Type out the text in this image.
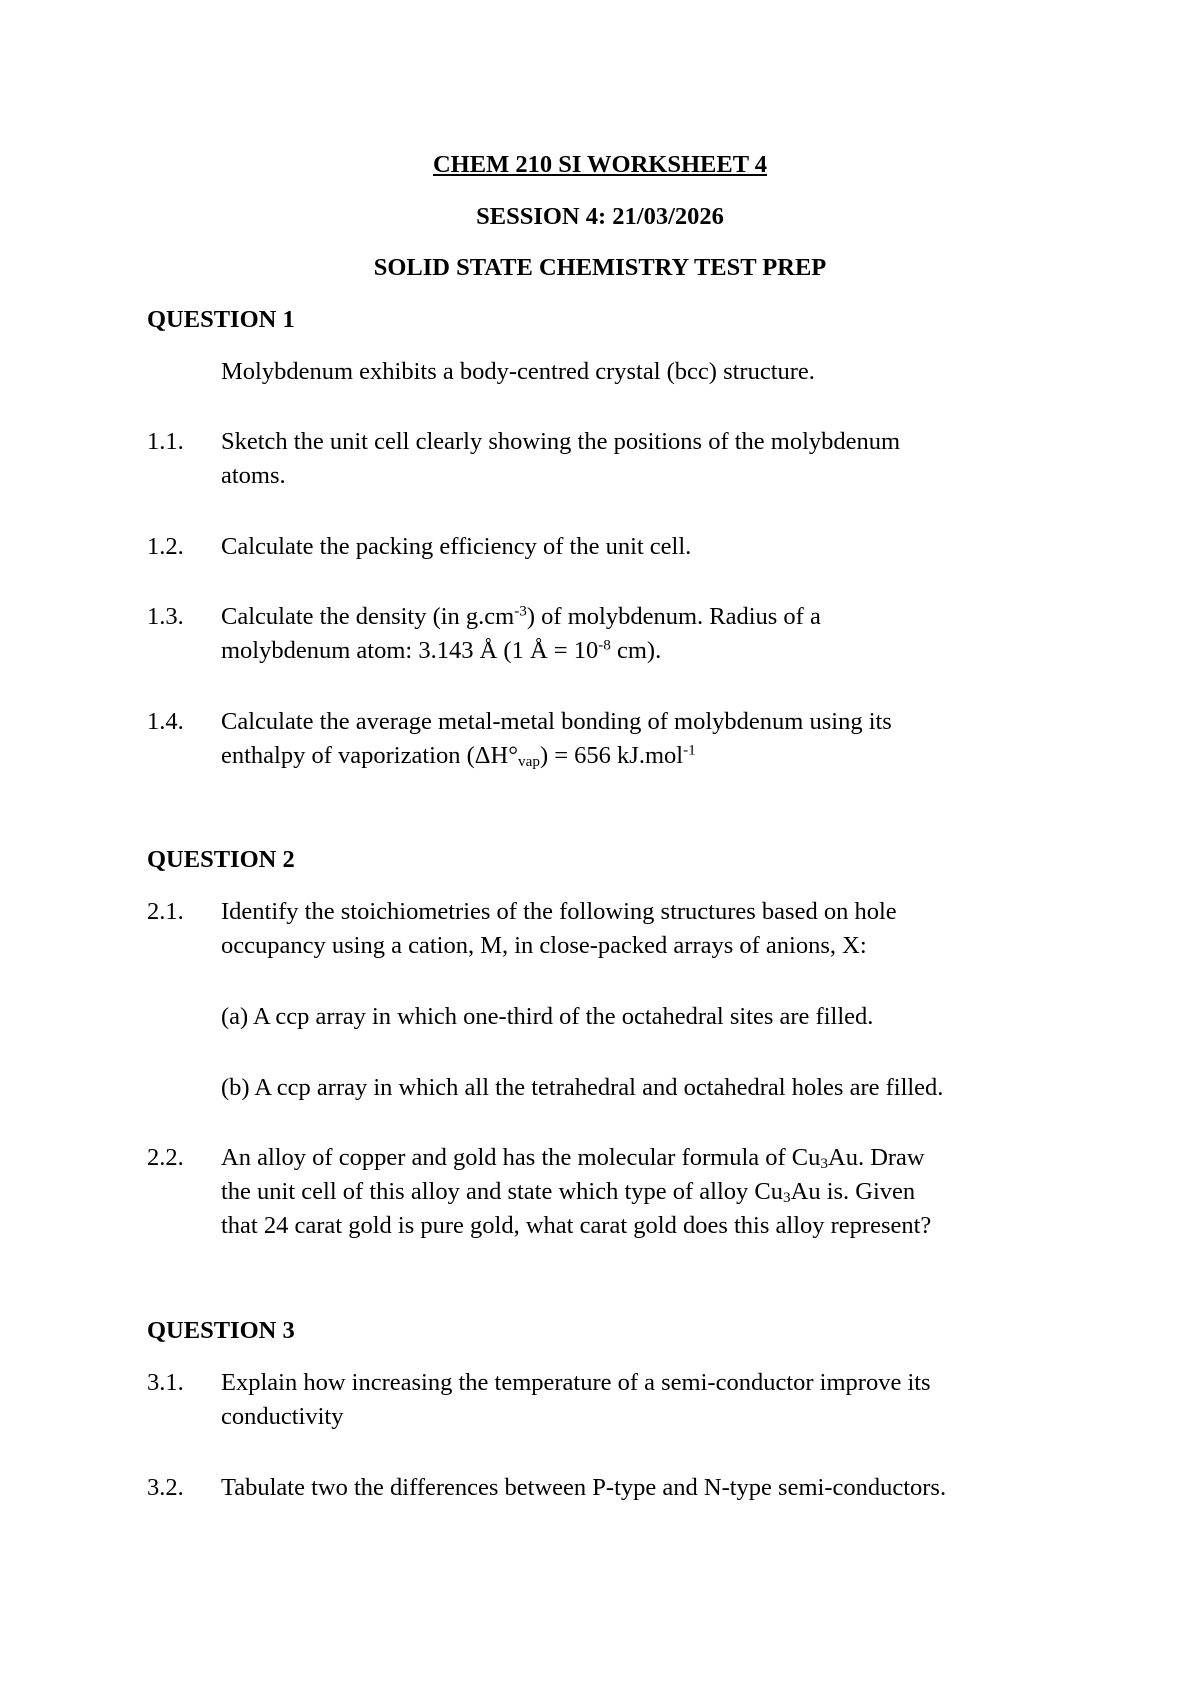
CHEM 210 SI WORKSHEET 4
SESSION 4: 21/03/2026
SOLID STATE CHEMISTRY TEST PREP
QUESTION 1
Molybdenum exhibits a body-centred crystal (bcc) structure.
1.1. Sketch the unit cell clearly showing the positions of the molybdenum
atoms.
1.2. Calculate the packing efficiency of the unit cell.
1.3. Calculate the density (in $g.cm^{-3}$) of molybdenum. Radius of a
molybdenum atom: 3.143 Å (1 Å = $10^{-8}$ cm).
1.4. Calculate the average metal-metal bonding of molybdenum using its
enthalpy of vaporization $(\Delta H^\circ_{vap}) = 656$ kJ.mol$^{-1}$
QUESTION 2
2.1. Identify the stoichiometries of the following structures based on hole
occupancy using a cation, M, in close-packed arrays of anions, X:
(a) A ccp array in which one-third of the octahedral sites are filled.
(b) A ccp array in which all the tetrahedral and octahedral holes are filled.
2.2. An alloy of copper and gold has the molecular formula of $Cu_3Au$. Draw
the unit cell of this alloy and state which type of alloy $Cu_3Au$ is. Given
that 24 carat gold is pure gold, what carat gold does this alloy represent?
QUESTION 3
3.1. Explain how increasing the temperature of a semi-conductor improve its
conductivity
3.2. Tabulate two the differences between P-type and N-type semi-conductors.
